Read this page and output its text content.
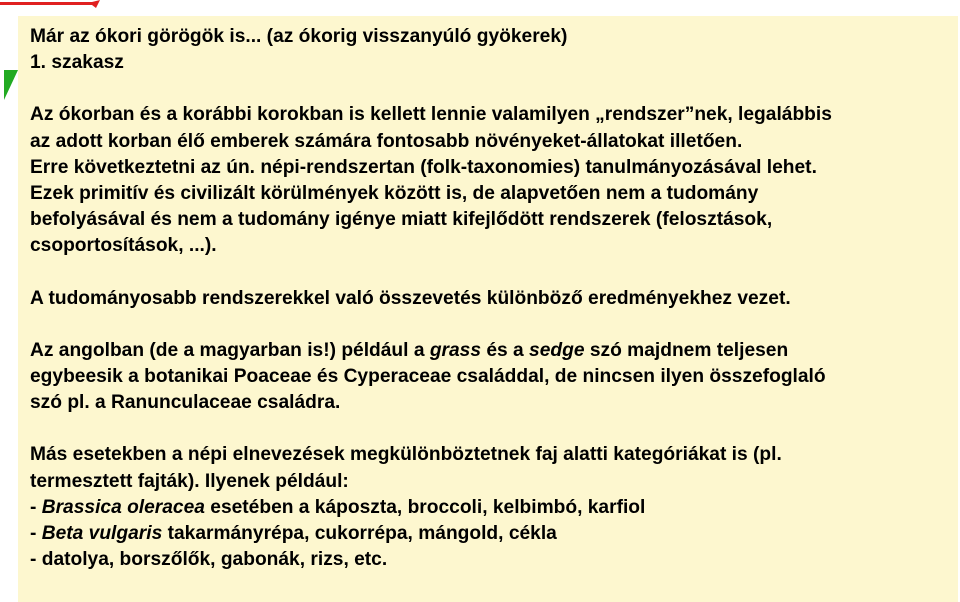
Már az ókori görögök is... (az ókorig visszanyúló gyökerek)

1. szakasz

Az ókorban és a korábbi korokban is kellett lennie valamilyen „rendszer”nek, legalábbis

az adott korban élő emberek számára fontosabb növényeket-állatokat illetően.

Erre következtetni az ún. népi-rendszertan (folk-taxonomies) tanulmányozásával lehet.

Ezek primitív és civilizált körülmények között is, de alapvetően nem a tudomány

befolyásával és nem a tudomány igénye miatt kifejlődött rendszerek (felosztások,

csoportosítások, ...).

A tudományosabb rendszerekkel való összevetés különböző eredményekhez vezet.

Az angolban (de a magyarban is!) például a grass és a sedge szó majdnem teljesen

egybeesik a botanikai Poaceae és Cyperaceae családdal, de nincsen ilyen összefoglaló

szó pl. a Ranunculaceae családra.

Más esetekben a népi elnevezések megkülönböztetnek faj alatti kategóriákat is (pl.

termesztett fajták). Ilyenek például:

- Brassica oleracea esetében a káposzta, broccoli, kelbimbó, karfiol

- Beta vulgaris takarmányrépa, cukorrépa, mángold, cékla

- datolya, borszőlők, gabonák, rizs, etc.
